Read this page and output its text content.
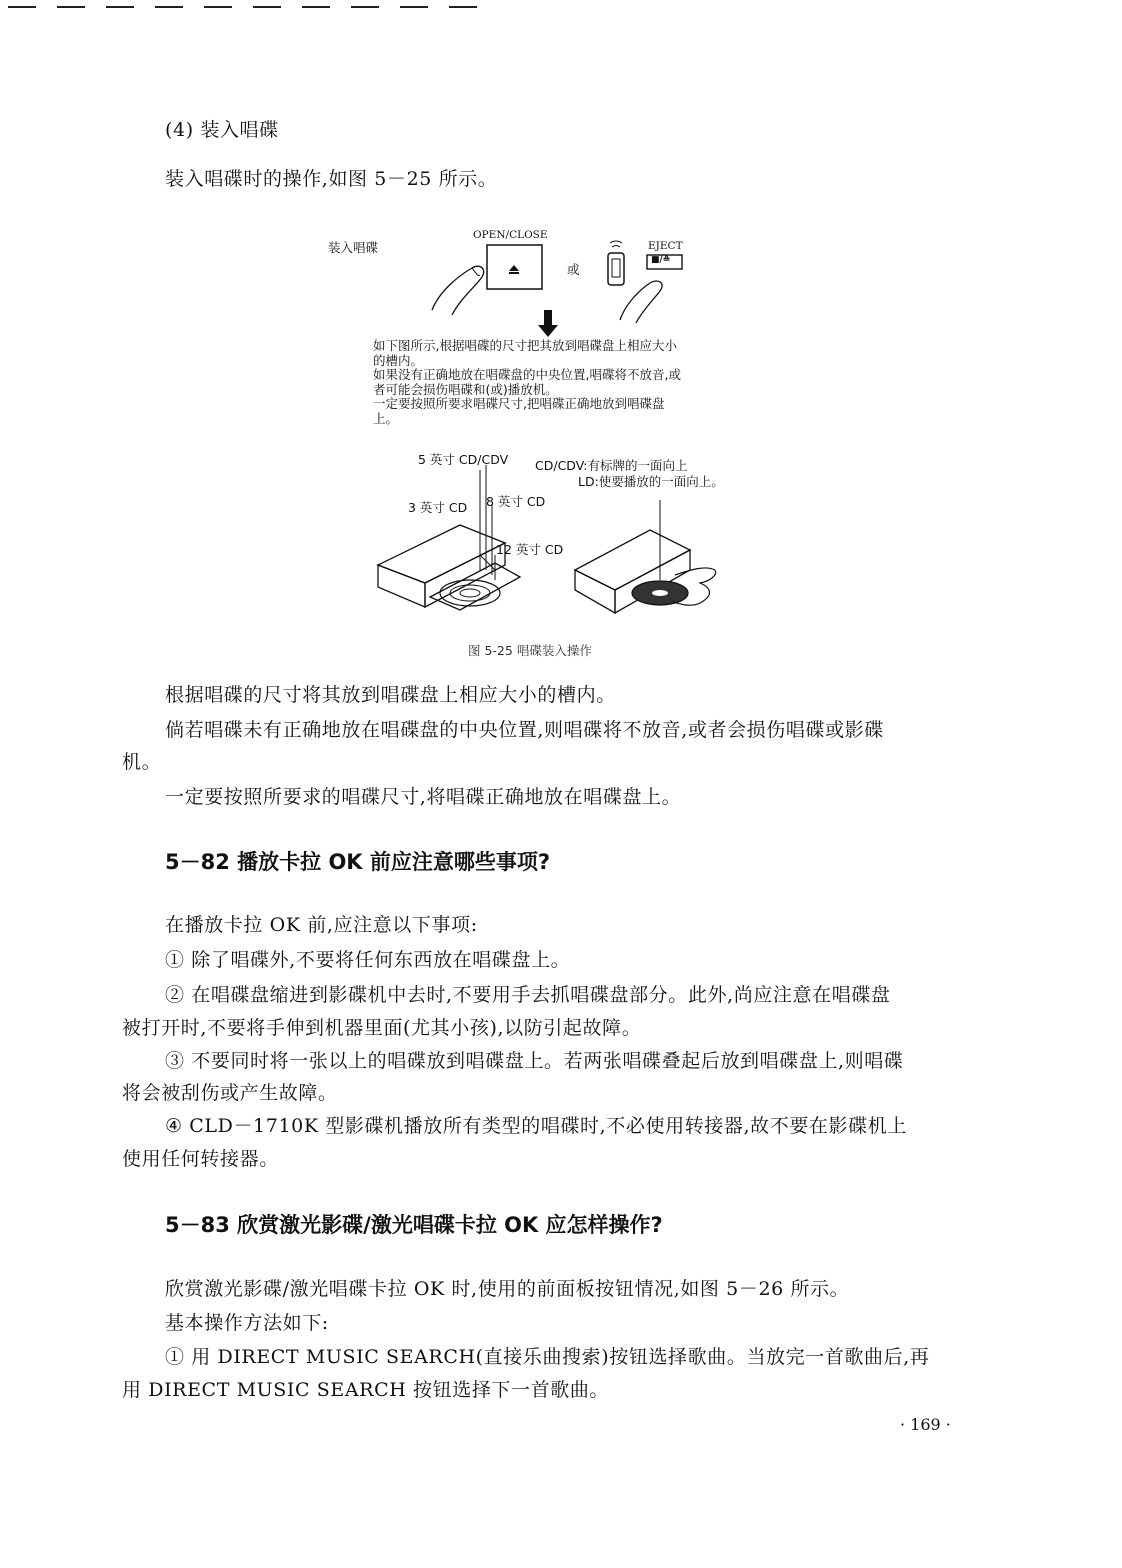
(4) 装入唱碟
装入唱碟时的操作,如图 5－25 所示。
装入唱碟
OPEN/CLOSE
或
EJECT
■/≙
如下图所示,根据唱碟的尺寸把其放到唱碟盘上相应大小
的槽内。
如果没有正确地放在唱碟盘的中央位置,唱碟将不放音,或
者可能会损伤唱碟和(或)播放机。
一定要按照所要求唱碟尺寸,把唱碟正确地放到唱碟盘
上。
5 英寸 CD/CDV CD/CDV:有标牌的一面向上
LD:使要播放的一面向上。
3 英寸 CD 8 英寸 CD
12 英寸 CD
图 5-25 唱碟装入操作
根据唱碟的尺寸将其放到唱碟盘上相应大小的槽内。
倘若唱碟未有正确地放在唱碟盘的中央位置,则唱碟将不放音,或者会损伤唱碟或影碟
机。
一定要按照所要求的唱碟尺寸,将唱碟正确地放在唱碟盘上。
5－82 播放卡拉 OK 前应注意哪些事项?
在播放卡拉 OK 前,应注意以下事项:
① 除了唱碟外,不要将任何东西放在唱碟盘上。
② 在唱碟盘缩进到影碟机中去时,不要用手去抓唱碟盘部分。此外,尚应注意在唱碟盘
被打开时,不要将手伸到机器里面(尤其小孩),以防引起故障。
③ 不要同时将一张以上的唱碟放到唱碟盘上。若两张唱碟叠起后放到唱碟盘上,则唱碟
将会被刮伤或产生故障。
④ CLD－1710K 型影碟机播放所有类型的唱碟时,不必使用转接器,故不要在影碟机上
使用任何转接器。
5－83 欣赏激光影碟/激光唱碟卡拉 OK 应怎样操作?
欣赏激光影碟/激光唱碟卡拉 OK 时,使用的前面板按钮情况,如图 5－26 所示。
基本操作方法如下:
① 用 DIRECT MUSIC SEARCH(直接乐曲搜索)按钮选择歌曲。当放完一首歌曲后,再
用 DIRECT MUSIC SEARCH 按钮选择下一首歌曲。
· 169 ·
